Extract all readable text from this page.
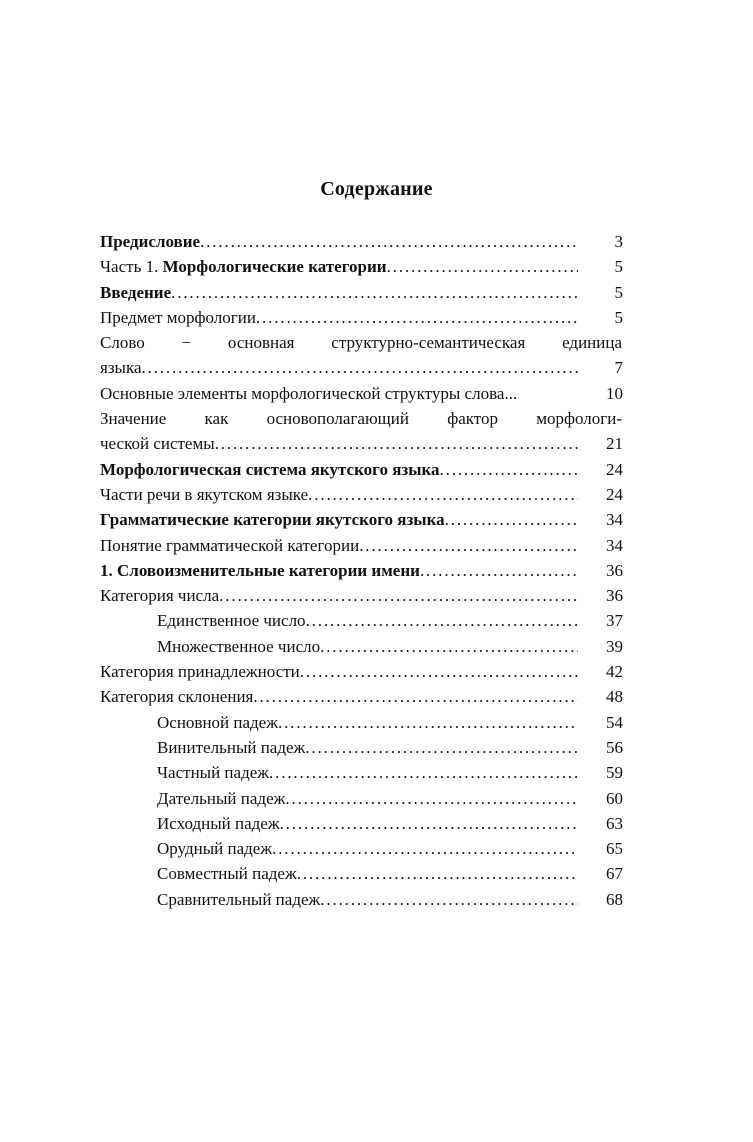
Содержание
Предисловие . . .	3
Часть 1. Морфологические категории . . .	5
Введение . . .	5
Предмет морфологии . . .	5
Слово − основная структурно-семантическая единица
языка . . .	7
Основные элементы морфологической структуры слова...	10
Значение как основополагающий фактор морфологи-
ческой системы . . .	21
Морфологическая система якутского языка . . .	24
Части речи в якутском языке . . .	24
Грамматические категории якутского языка . . .	34
Понятие грамматической категории . . .	34
1. Словоизменительные категории имени . . .	36
Категория числа . . .	36
Единственное число . . .	37
Множественное число . . .	39
Категория принадлежности . . .	42
Категория склонения . . .	48
Основной падеж . . .	54
Винительный падеж . . .	56
Частный падеж . . .	59
Дательный падеж . . .	60
Исходный падеж . . .	63
Орудный падеж . . .	65
Совместный падеж . . .	67
Сравнительный падеж . . .	68
